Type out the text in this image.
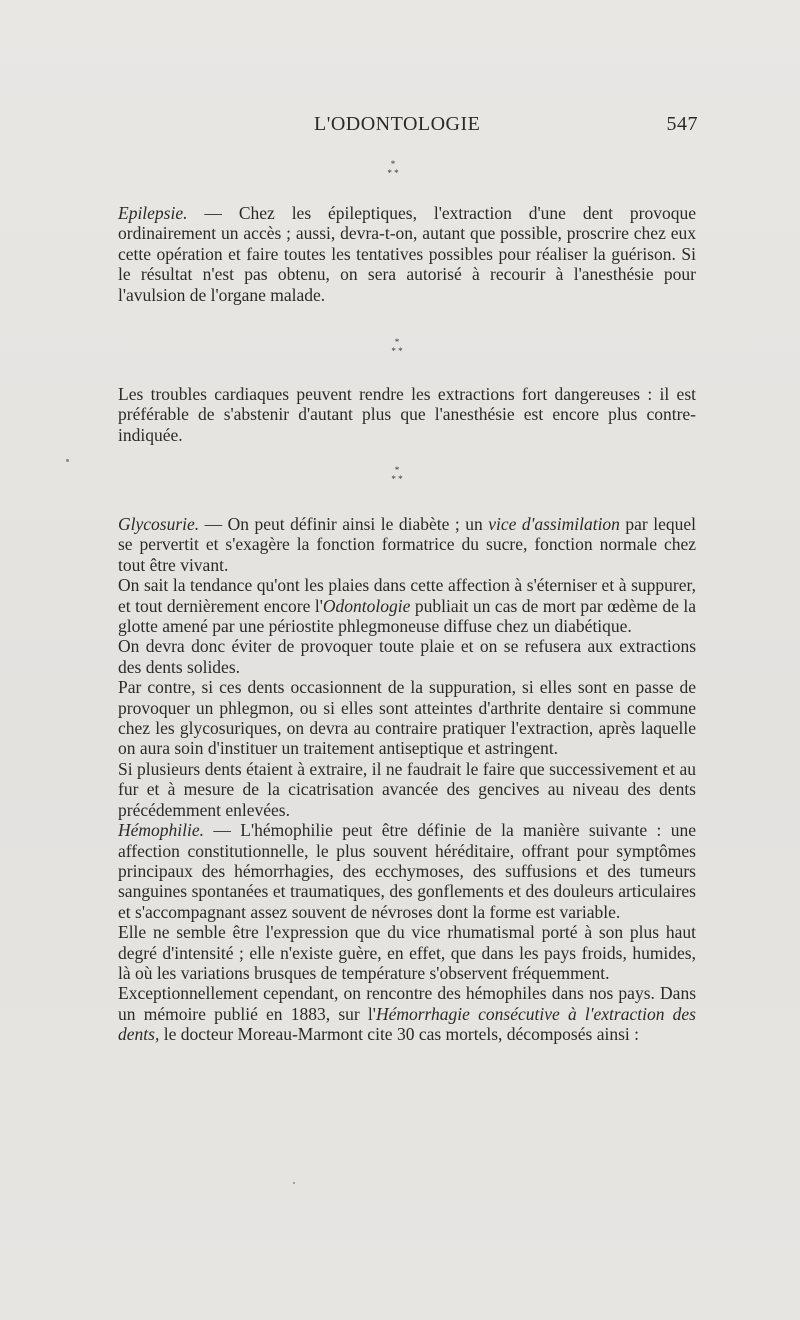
L'ODONTOLOGIE	547
*
* *

Epilepsie. — Chez les épileptiques, l'extraction d'une dent provoque ordinairement un accès ; aussi, devra-t-on, autant que possible, proscrire chez eux cette opération et faire toutes les tentatives possibles pour réaliser la guérison. Si le résultat n'est pas obtenu, on sera autorisé à recourir à l'anesthésie pour l'avulsion de l'organe malade.

*
* *

Les troubles cardiaques peuvent rendre les extractions fort dangereuses : il est préférable de s'abstenir d'autant plus que l'anesthésie est encore plus contre-indiquée.

*
* *

Glycosurie. — On peut définir ainsi le diabète ; un vice d'assimilation par lequel se pervertit et s'exagère la fonction formatrice du sucre, fonction normale chez tout être vivant.

On sait la tendance qu'ont les plaies dans cette affection à s'éterniser et à suppurer, et tout dernièrement encore l'Odontologie publiait un cas de mort par œdème de la glotte amené par une périostite phlegmoneuse diffuse chez un diabétique.

On devra donc éviter de provoquer toute plaie et on se refusera aux extractions des dents solides.

Par contre, si ces dents occasionnent de la suppuration, si elles sont en passe de provoquer un phlegmon, ou si elles sont atteintes d'arthrite dentaire si commune chez les glycosuriques, on devra au contraire pratiquer l'extraction, après laquelle on aura soin d'instituer un traitement antiseptique et astringent.

Si plusieurs dents étaient à extraire, il ne faudrait le faire que successivement et au fur et à mesure de la cicatrisation avancée des gencives au niveau des dents précédemment enlevées.

Hémophilie. — L'hémophilie peut être définie de la manière suivante : une affection constitutionnelle, le plus souvent héréditaire, offrant pour symptômes principaux des hémorrhagies, des ecchymoses, des suffusions et des tumeurs sanguines spontanées et traumatiques, des gonflements et des douleurs articulaires et s'accompagnant assez souvent de névroses dont la forme est variable.

Elle ne semble être l'expression que du vice rhumatismal porté à son plus haut degré d'intensité ; elle n'existe guère, en effet, que dans les pays froids, humides, là où les variations brusques de température s'observent fréquemment.

Exceptionnellement cependant, on rencontre des hémophiles dans nos pays. Dans un mémoire publié en 1883, sur l'Hémorrhagie consécutive à l'extraction des dents, le docteur Moreau-Marmont cite 30 cas mortels, décomposés ainsi :
